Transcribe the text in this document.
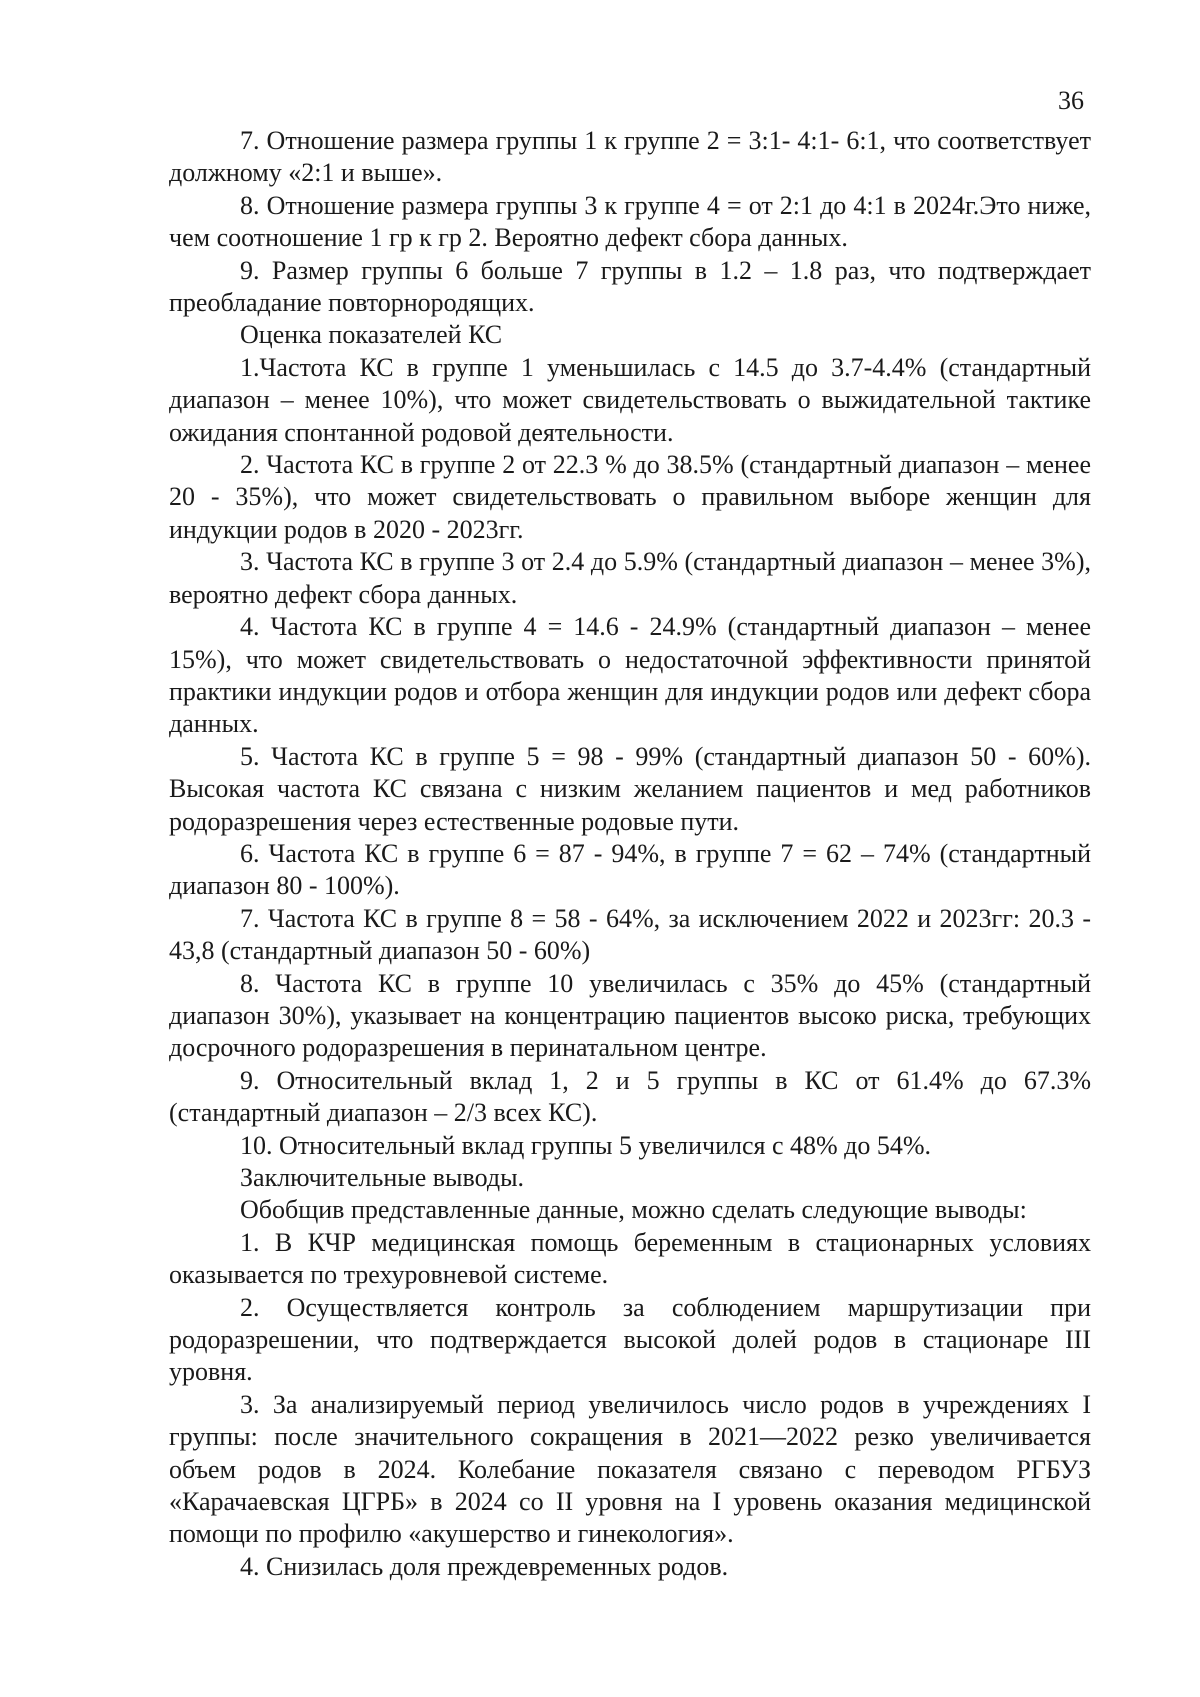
36

7. Отношение размера группы 1 к группе 2 = 3:1- 4:1- 6:1, что соответствует должному «2:1 и выше».

8. Отношение размера группы 3 к группе 4 = от 2:1 до 4:1 в 2024г.Это ниже, чем соотношение 1 гр к гр 2. Вероятно дефект сбора данных.

9. Размер группы 6 больше 7 группы в 1.2 – 1.8 раз, что подтверждает преобладание повторнородящих.

Оценка показателей КС

1.Частота КС в группе 1 уменьшилась с 14.5 до 3.7-4.4% (стандартный диапазон – менее 10%), что может свидетельствовать о выжидательной тактике ожидания спонтанной родовой деятельности.

2. Частота КС в группе 2 от 22.3 % до 38.5% (стандартный диапазон – менее 20 - 35%), что может свидетельствовать о правильном выборе женщин для индукции родов в 2020 - 2023гг.

3. Частота КС в группе 3 от 2.4 до 5.9% (стандартный диапазон – менее 3%), вероятно дефект сбора данных.

4. Частота КС в группе 4 = 14.6 - 24.9% (стандартный диапазон – менее 15%), что может свидетельствовать о недостаточной эффективности принятой практики индукции родов и отбора женщин для индукции родов или дефект сбора данных.

5. Частота КС в группе 5 = 98 - 99% (стандартный диапазон 50 - 60%). Высокая частота КС связана с низким желанием пациентов и мед работников родоразрешения через естественные родовые пути.

6. Частота КС в группе 6 = 87 - 94%, в группе 7 = 62 – 74% (стандартный диапазон 80 - 100%).

7. Частота КС в группе 8 = 58 - 64%, за исключением 2022 и 2023гг: 20.3 - 43,8 (стандартный диапазон 50 - 60%)

8. Частота КС в группе 10 увеличилась с 35% до 45% (стандартный диапазон 30%), указывает на концентрацию пациентов высоко риска, требующих досрочного родоразрешения в перинатальном центре.

9. Относительный вклад 1, 2 и 5 группы в КС от 61.4% до 67.3% (стандартный диапазон – 2/3 всех КС).

10. Относительный вклад группы 5 увеличился с 48% до 54%.

Заключительные выводы.

Обобщив представленные данные, можно сделать следующие выводы:

1. В КЧР медицинская помощь беременным в стационарных условиях оказывается по трехуровневой системе.

2. Осуществляется контроль за соблюдением маршрутизации при родоразрешении, что подтверждается высокой долей родов в стационаре III уровня.

3. За анализируемый период увеличилось число родов в учреждениях I группы: после значительного сокращения в 2021—2022 резко увеличивается объем родов в 2024. Колебание показателя связано с переводом РГБУЗ «Карачаевская ЦГРБ» в 2024 со II уровня на I уровень оказания медицинской помощи по профилю «акушерство и гинекология».

4. Снизилась доля преждевременных родов.
